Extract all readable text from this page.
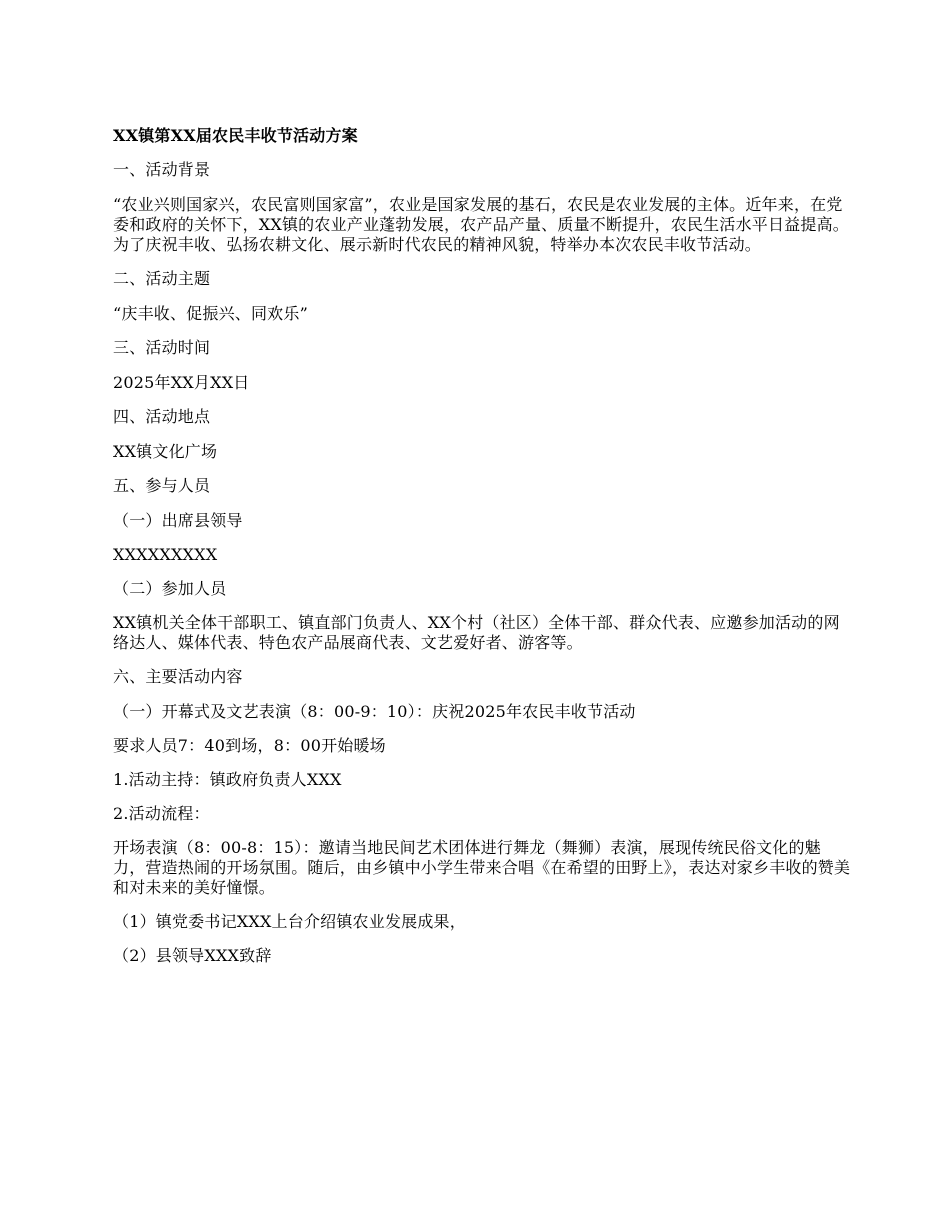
XX镇第XX届农民丰收节活动方案

一、活动背景

“农业兴则国家兴，农民富则国家富”，农业是国家发展的基石，农民是农业发展的主体。近年来，在党委和政府的关怀下，XX镇的农业产业蓬勃发展，农产品产量、质量不断提升，农民生活水平日益提高。为了庆祝丰收、弘扬农耕文化、展示新时代农民的精神风貌，特举办本次农民丰收节活动。

二、活动主题

“庆丰收、促振兴、同欢乐”

三、活动时间

2025年XX月XX日

四、活动地点

XX镇文化广场

五、参与人员

（一）出席县领导

XXXXXXXXX

（二）参加人员

XX镇机关全体干部职工、镇直部门负责人、XX个村（社区）全体干部、群众代表、应邀参加活动的网络达人、媒体代表、特色农产品展商代表、文艺爱好者、游客等。

六、主要活动内容

（一）开幕式及文艺表演（8：00-9：10）：庆祝2025年农民丰收节活动

要求人员7：40到场，8：00开始暖场

1.活动主持：镇政府负责人XXX

2.活动流程：

开场表演（8：00-8：15）：邀请当地民间艺术团体进行舞龙（舞狮）表演，展现传统民俗文化的魅力，营造热闹的开场氛围。随后，由乡镇中小学生带来合唱《在希望的田野上》，表达对家乡丰收的赞美和对未来的美好憧憬。

（1）镇党委书记XXX上台介绍镇农业发展成果，

（2）县领导XXX致辞
